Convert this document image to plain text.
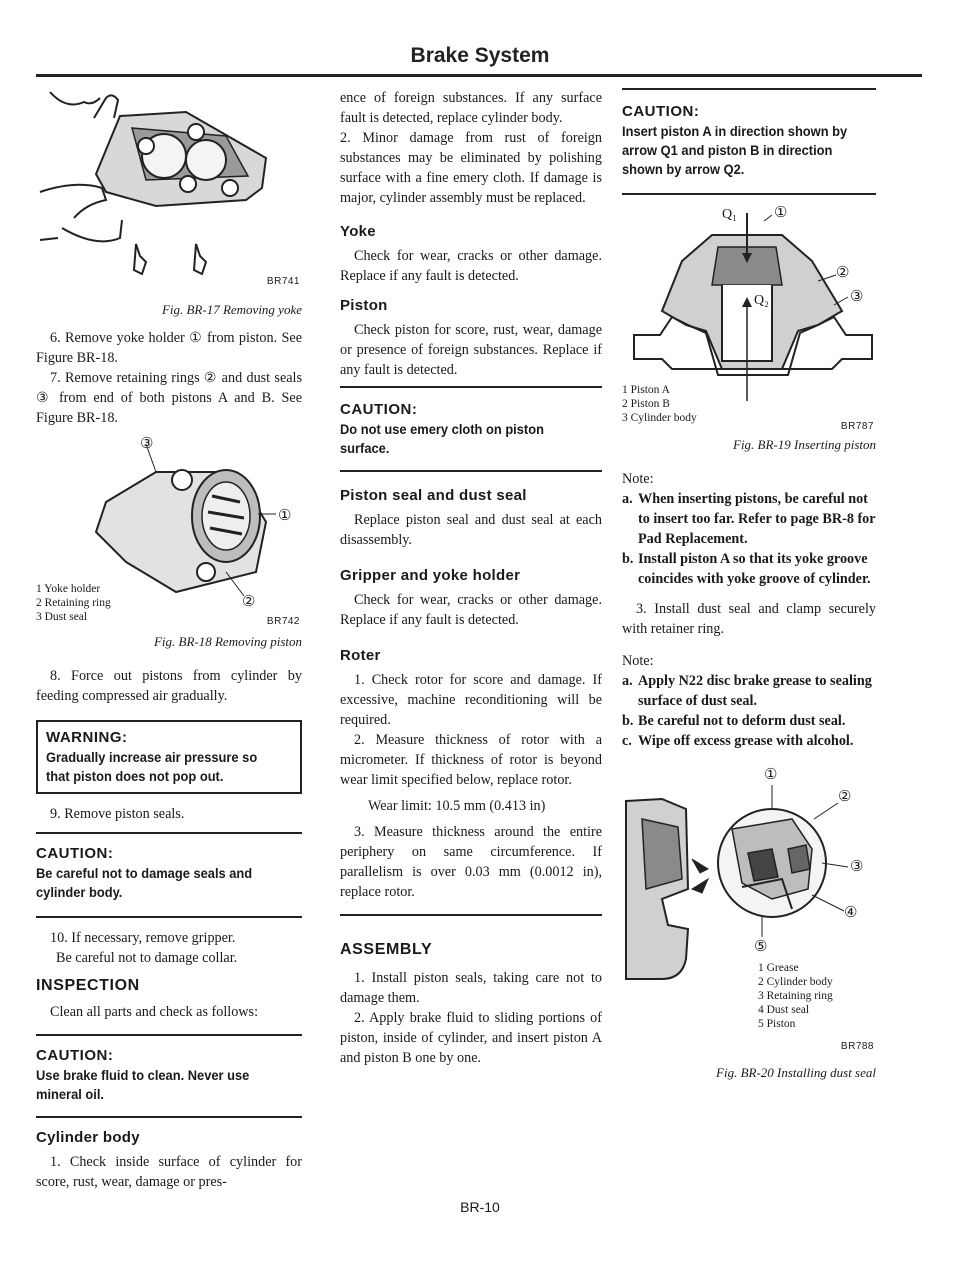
Brake System
BR741

Fig. BR-17 Removing yoke

6. Remove yoke holder ① from piston. See Figure BR-18.

7. Remove retaining rings ② and dust seals ③ from end of both pistons A and B. See Figure BR-18.

③
①
②
1 Yoke holder
2 Retaining ring
3 Dust seal	BR742

Fig. BR-18 Removing piston

8. Force out pistons from cylinder by feeding compressed air gradually.

WARNING:
Gradually increase air pressure so that piston does not pop out.

9. Remove piston seals.

CAUTION:
Be careful not to damage seals and cylinder body.

10. If necessary, remove gripper.

Be careful not to damage collar.

INSPECTION

Clean all parts and check as follows:

CAUTION:
Use brake fluid to clean. Never use mineral oil.
Cylinder body

1. Check inside surface of cylinder for score, rust, wear, damage or pres-

ence of foreign substances. If any surface fault is detected, replace cylinder body.

2. Minor damage from rust of foreign substances may be eliminated by polishing surface with a fine emery cloth. If damage is major, cylinder assembly must be replaced.

Yoke

Check for wear, cracks or other damage. Replace if any fault is detected.

Piston

Check piston for score, rust, wear, damage or presence of foreign substances. Replace if any fault is detected.

CAUTION:
Do not use emery cloth on piston surface.
Piston seal and dust seal

Replace piston seal and dust seal at each disassembly.

Gripper and yoke holder

Check for wear, cracks or other damage. Replace if any fault is detected.

Roter

1. Check rotor for score and damage. If excessive, machine reconditioning will be required.

2. Measure thickness of rotor with a micrometer. If thickness of rotor is beyond wear limit specified below, replace rotor.

Wear limit: 10.5 mm (0.413 in)

3. Measure thickness around the entire periphery on same circumference. If parallelism is over 0.03 mm (0.0012 in), replace rotor.

ASSEMBLY

1. Install piston seals, taking care not to damage them.

2. Apply brake fluid to sliding portions of piston, inside of cylinder, and insert piston A and piston B one by one.

CAUTION:
Insert piston A in direction shown by arrow Q1 and piston B in direction shown by arrow Q2.
Q₁
Q₂
①
②
③
1 Piston A
2 Piston B
3 Cylinder body
BR787

Fig. BR-19 Inserting piston

Note:

a. When inserting pistons, be careful not to insert too far. Refer to page BR-8 for Pad Replacement.
b. Install piston A so that its yoke groove coincides with yoke groove of cylinder.

3. Install dust seal and clamp securely with retainer ring.

Note:

a. Apply N22 disc brake grease to sealing surface of dust seal.
b. Be careful not to deform dust seal.
c. Wipe off excess grease with alcohol.
①
②
③
④
⑤
1 Grease
2 Cylinder body
3 Retaining ring
4 Dust seal
5 Piston
BR788

Fig. BR-20 Installing dust seal

BR-10
